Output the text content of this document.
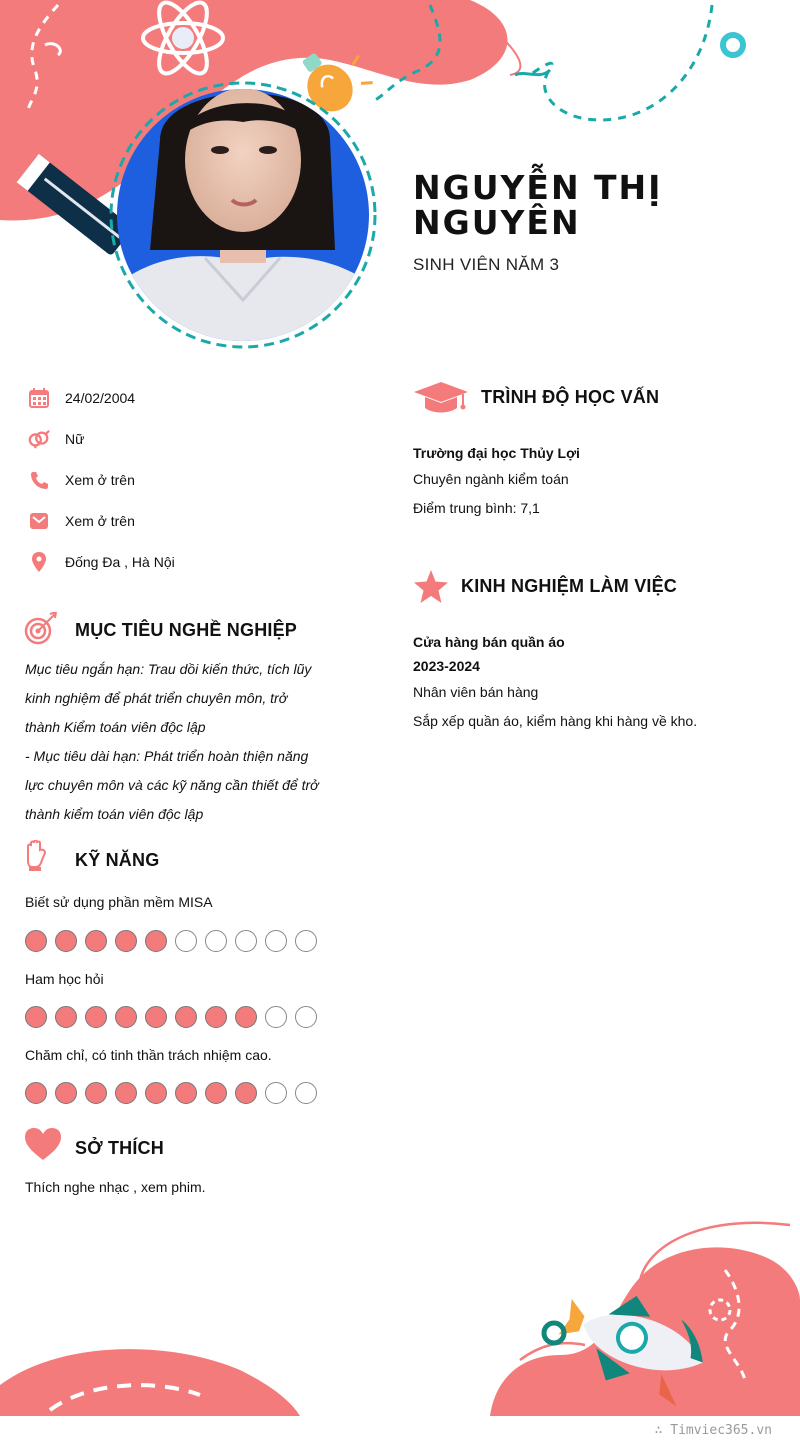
NGUYỄN THỊ NGUYÊN
SINH VIÊN NĂM 3
24/02/2004
Nữ
Xem ở trên
Xem ở trên
Đống Đa , Hà Nội
MỤC TIÊU NGHỀ NGHIỆP
Mục tiêu ngắn hạn: Trau dồi kiến thức, tích lũy
kinh nghiệm để phát triển chuyên môn, trở
thành Kiểm toán viên độc lập
- Mục tiêu dài hạn: Phát triển hoàn thiện năng
lực chuyên môn và các kỹ năng cần thiết để trở
thành kiểm toán viên độc lập
KỸ NĂNG
Biết sử dụng phần mềm MISA
Ham học hỏi
Chăm chỉ, có tinh thần trách nhiệm cao.
SỞ THÍCH
Thích nghe nhạc , xem phim.
TRÌNH ĐỘ HỌC VẤN
Trường đại học Thủy Lợi
Chuyên ngành kiểm toán
Điểm trung bình: 7,1
KINH NGHIỆM LÀM VIỆC
Cửa hàng bán quần áo
2023-2024
Nhân viên bán hàng
Sắp xếp quần áo, kiểm hàng khi hàng về kho.
∴ Timviec365.vn
